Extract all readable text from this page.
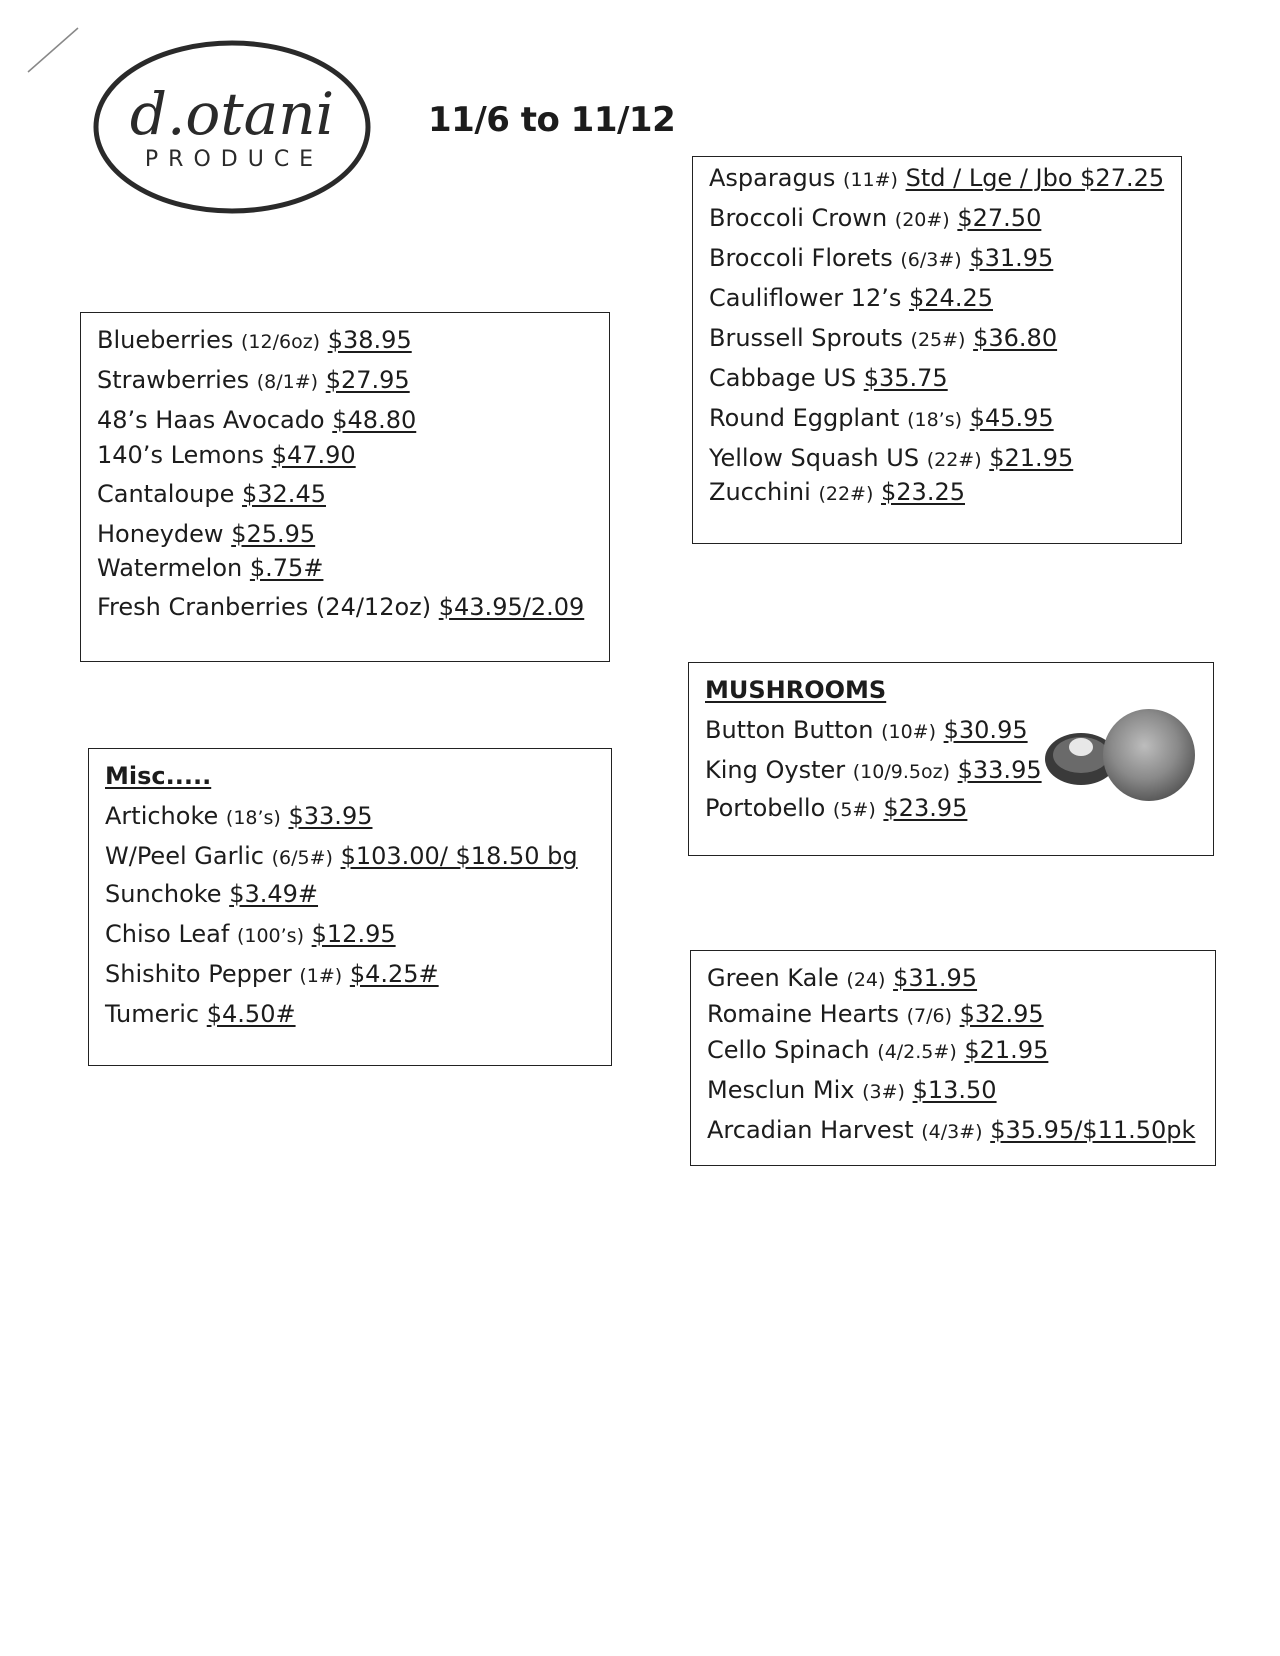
d.otani
PRODUCE
11/6 to 11/12
Blueberries (12/6oz) $38.95
Strawberries (8/1#) $27.95
48’s Haas Avocado $48.80
140’s Lemons $47.90
Cantaloupe $32.45
Honeydew $25.95
Watermelon $.75#
Fresh Cranberries (24/12oz) $43.95/2.09
Asparagus (11#) Std / Lge / Jbo $27.25
Broccoli Crown (20#) $27.50
Broccoli Florets (6/3#) $31.95
Cauliflower 12’s $24.25
Brussell Sprouts (25#) $36.80
Cabbage US $35.75
Round Eggplant (18’s) $45.95
Yellow Squash US (22#) $21.95
Zucchini (22#) $23.25
Misc.....
Artichoke (18’s) $33.95
W/Peel Garlic (6/5#) $103.00/ $18.50 bg
Sunchoke $3.49#
Chiso Leaf (100’s) $12.95
Shishito Pepper (1#) $4.25#
Tumeric $4.50#
MUSHROOMS
Button Button (10#) $30.95
King Oyster (10/9.5oz) $33.95
Portobello (5#) $23.95
Green Kale (24) $31.95
Romaine Hearts (7/6) $32.95
Cello Spinach (4/2.5#) $21.95
Mesclun Mix (3#) $13.50
Arcadian Harvest (4/3#) $35.95/$11.50pk
